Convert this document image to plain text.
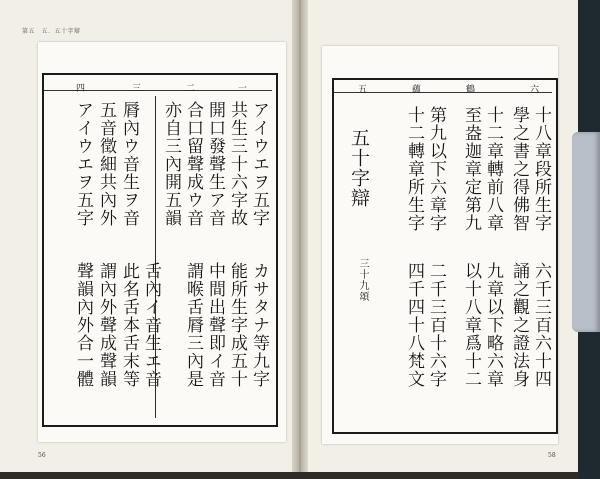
第五　五．五十字辯
四	三	二	一
アイウエヲ五字
共生三十六字故
開口發聲生ア音
合口留聲成ウ音
亦自三內開五韻
脣內ウ音生ヲ音
五音徵細共內外
アイウエヲ五字
カサタナ等九字
能所生字成五十
中間出聲即イ音
謂喉舌脣三內是
舌內イ音生エ音
此名舌本舌末等
謂內外聲成聲韻
聲韻內外合一體
56
五	蘊	鶴	六
十八章段所生字
學之書之得佛智
十二章轉前八章
至盎迦章定第九
第九以下六章字
十二轉章所生字
五十字辯
三十九頌	六千三百六十四
誦之觀之證法身
九章以下略六章
以十八章爲十二
二千三百十六字
四千四十八梵文
58
